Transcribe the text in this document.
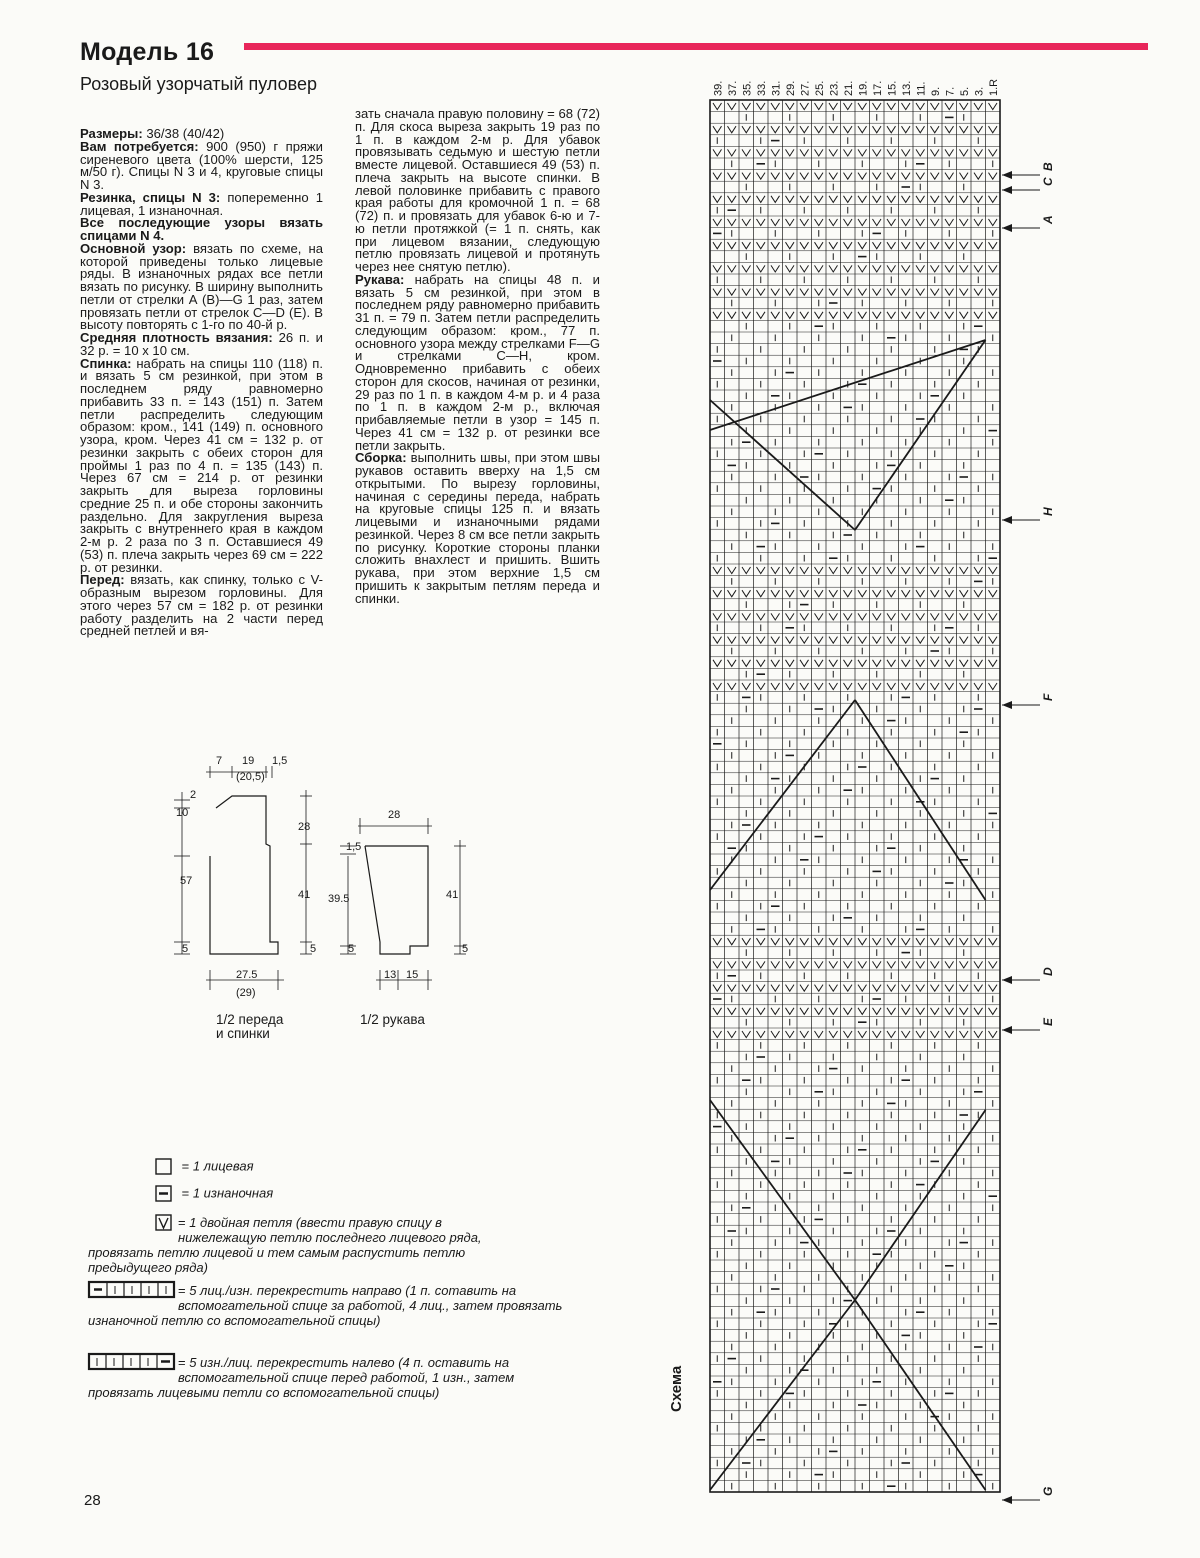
Модель 16
Розовый узорчатый пуловер

Размеры: 36/38 (40/42)

Вам потребуется: 900 (950) г пряжи сиреневого цвета (100% шерсти, 125 м/50 г). Спицы N 3 и 4, круговые спицы N 3.

Резинка, спицы N 3: попеременно 1 лицевая, 1 изнаночная.

Все последующие узоры вязать спицами N 4.

Основной узор: вязать по схеме, на которой приведены только лицевые ряды. В изнаночных рядах все петли вязать по рисунку. В ширину выполнить петли от стрелки А (В)—G 1 раз, затем провязать петли от стрелок С—D (E). В высоту повторять с 1-го по 40-й р.

Средняя плотность вязания: 26 п. и 32 р. = 10 x 10 см.

Спинка: набрать на спицы 110 (118) п. и вязать 5 см резинкой, при этом в последнем ряду равномерно прибавить 33 п. = 143 (151) п. Затем петли распределить следующим образом: кром., 141 (149) п. основного узора, кром. Через 41 см = 132 р. от резинки закрыть с обеих сторон для проймы 1 раз по 4 п. = 135 (143) п. Через 67 см = 214 р. от резинки закрыть для выреза горловины средние 25 п. и обе стороны закончить раздельно. Для закругления выреза закрыть с внутреннего края в каждом 2-м р. 2 раза по 3 п. Оставшиеся 49 (53) п. плеча закрыть через 69 см = 222 р. от резинки.

Перед: вязать, как спинку, только с V-образным вырезом горловины. Для этого через 57 см = 182 р. от резинки работу разделить на 2 части перед средней петлей и вя-

зать сначала правую половину = 68 (72) п. Для скоса выреза закрыть 19 раз по 1 п. в каждом 2-м р. Для убавок провязывать седьмую и шестую петли вместе лицевой. Оставшиеся 49 (53) п. плеча закрыть на высоте спинки. В левой половинке прибавить с правого края работы для кромочной 1 п. = 68 (72) п. и провязать для убавок 6-ю и 7-ю петли протяжкой (= 1 п. снять, как при лицевом вязании, следующую петлю провязать лицевой и протянуть через нее снятую петлю).

Рукава: набрать на спицы 48 п. и вязать 5 см резинкой, при этом в последнем ряду равномерно прибавить 31 п. = 79 п. Затем петли распределить следующим образом: кром., 77 п. основного узора между стрелками F—G и стрелками С—Н, кром. Одновременно прибавить с обеих сторон для скосов, начиная от резинки, 29 раз по 1 п. в каждом 4-м р. и 4 раза по 1 п. в каждом 2-м р., включая прибавляемые петли в узор = 145 п. Через 41 см = 132 р. от резинки все петли закрыть.

Сборка: выполнить швы, при этом швы рукавов оставить вверху на 1,5 см открытыми. По вырезу горловины, начиная с середины переда, набрать на круговые спицы 125 п. и вязать лицевыми и изнаночными рядами резинкой. Через 8 см все петли закрыть по рисунку. Короткие стороны планки сложить внахлест и пришить. Вшить рукава, при этом верхние 1,5 см пришить к закрытым петлям переда и спинки.

7 19
(20,5)
1,5
2
10
28
57
41
5	5
27.5
(29)
28
1,5
39.5	41
5	5
13 15
1/2 переда
и спинки
1/2 рукава
= 1 лицевая
= 1 изнаночная
= 1 двойная петля (ввести правую спицу в нижележащую петлю последнего лицевого ряда, провязать петлю лицевой и тем самым распустить петлю предыдущего ряда)
= 5 лиц./изн. перекрестить направо (1 п. сотавить на вспомогательной спице за работой, 4 лиц., затем провязать изнаночной петлю со вспомогательной спицы)
= 5 изн./лиц. перекрестить налево (4 п. оставить на вспомогательной спице перед работой, 1 изн., затем провязать лицевыми петли со вспомогательной спицы)
39. 37. 35. 33. 31. 29. 27. 25. 23. 21. 19. 17. 15. 13. 11. 9. 7. 5. 3. 1.R
B
C
A
H
F
D
E
G
Схема
28
